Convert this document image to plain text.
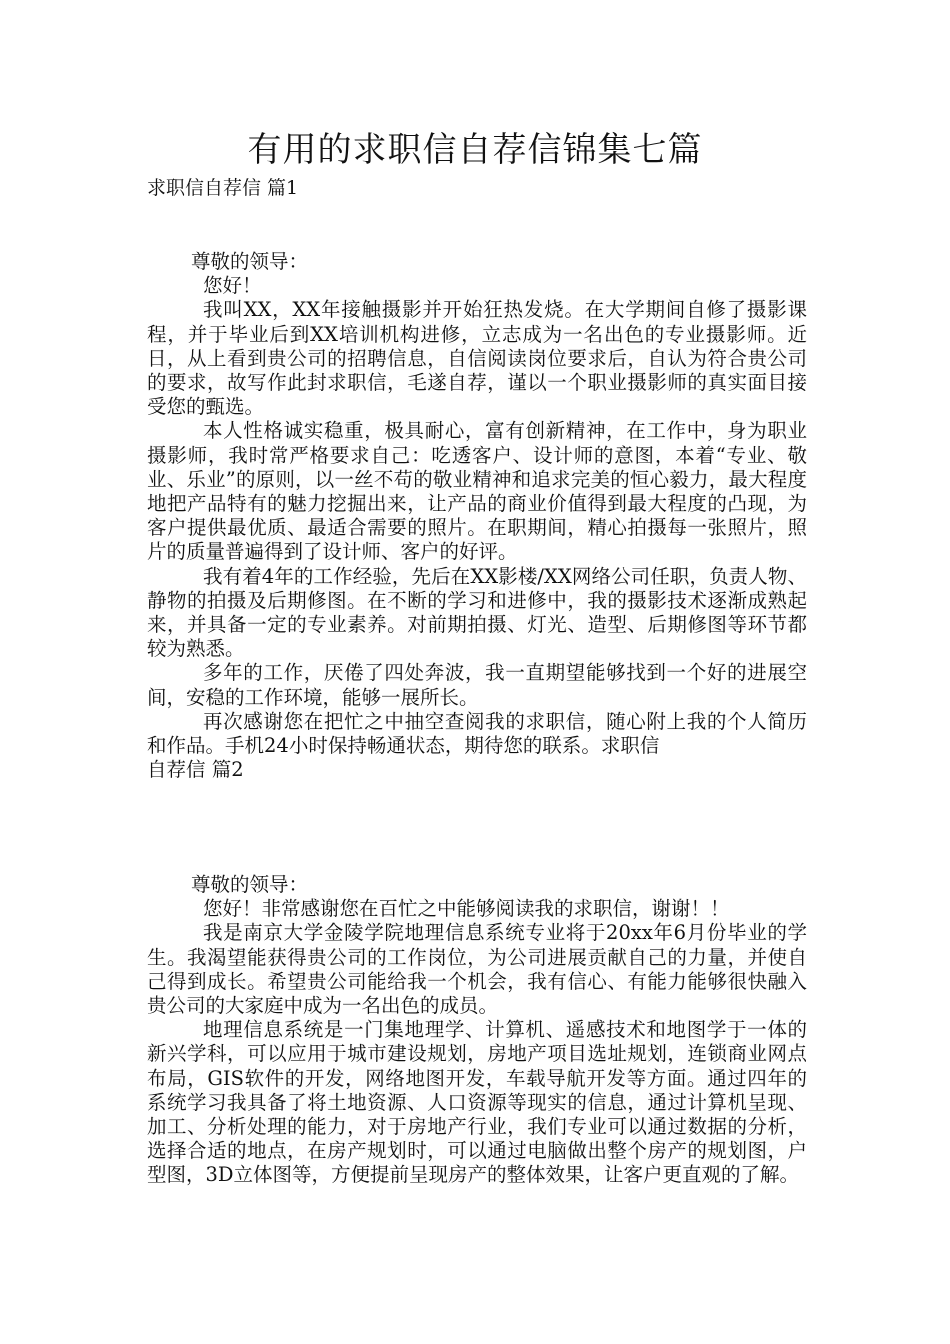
有用的求职信自荐信锦集七篇
求职信自荐信 篇1

尊敬的领导：

您好！

我叫XX，XX年接触摄影并开始狂热发烧。在大学期间自修了摄影课程，并于毕业后到XX培训机构进修，立志成为一名出色的专业摄影师。近日，从上看到贵公司的招聘信息，自信阅读岗位要求后，自认为符合贵公司的要求，故写作此封求职信，毛遂自荐，谨以一个职业摄影师的真实面目接受您的甄选。

本人性格诚实稳重，极具耐心，富有创新精神，在工作中，身为职业摄影师，我时常严格要求自己：吃透客户、设计师的意图，本着“专业、敬业、乐业”的原则，以一丝不苟的敬业精神和追求完美的恒心毅力，最大程度地把产品特有的魅力挖掘出来，让产品的商业价值得到最大程度的凸现，为客户提供最优质、最适合需要的照片。在职期间，精心拍摄每一张照片，照片的质量普遍得到了设计师、客户的好评。

我有着4年的工作经验，先后在XX影楼/XX网络公司任职，负责人物、静物的拍摄及后期修图。在不断的学习和进修中，我的摄影技术逐渐成熟起来，并具备一定的专业素养。对前期拍摄、灯光、造型、后期修图等环节都较为熟悉。

多年的工作，厌倦了四处奔波，我一直期望能够找到一个好的进展空间，安稳的工作环境，能够一展所长。

再次感谢您在把忙之中抽空查阅我的求职信，随心附上我的个人简历和作品。手机24小时保持畅通状态，期待您的联系。求职信

自荐信 篇2

尊敬的领导：

您好！非常感谢您在百忙之中能够阅读我的求职信，谢谢！！

我是南京大学金陵学院地理信息系统专业将于20xx年6月份毕业的学生。我渴望能获得贵公司的工作岗位，为公司进展贡献自己的力量，并使自己得到成长。希望贵公司能给我一个机会，我有信心、有能力能够很快融入贵公司的大家庭中成为一名出色的成员。

地理信息系统是一门集地理学、计算机、遥感技术和地图学于一体的新兴学科，可以应用于城市建设规划，房地产项目选址规划，连锁商业网点布局，GIS软件的开发，网络地图开发，车载导航开发等方面。通过四年的系统学习我具备了将土地资源、人口资源等现实的信息，通过计算机呈现、加工、分析处理的能力，对于房地产行业，我们专业可以通过数据的分析，选择合适的地点，在房产规划时，可以通过电脑做出整个房产的规划图，户型图，3D立体图等，方便提前呈现房产的整体效果，让客户更直观的了解。
